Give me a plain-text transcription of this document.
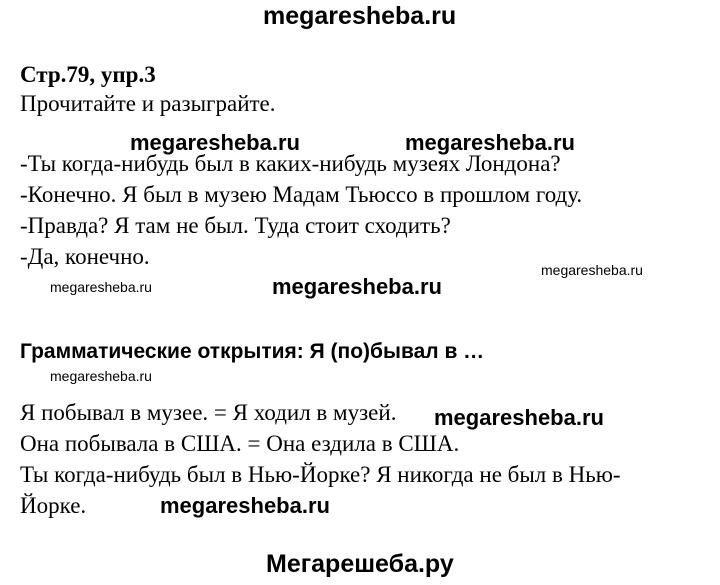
megaresheba.ru
Стр.79, упр.3
Прочитайте и разыграйте.
megaresheba.ru	megaresheba.ru
-Ты когда-нибудь был в каких-нибудь музеях Лондона?
-Конечно. Я был в музею Мадам Тьюссо в прошлом году.
-Правда? Я там не был. Туда стоит сходить?
-Да, конечно.
megaresheba.ru
megaresheba.ru	megaresheba.ru
Грамматические открытия: Я (по)бывал в …
megaresheba.ru
Я побывал в музее. = Я ходил в музей. megaresheba.ru
Она побывала в США. = Она ездила в США.
Ты когда-нибудь был в Нью-Йорке? Я никогда не был в Нью-
Йорке.	megaresheba.ru
Мегарешеба.ру
